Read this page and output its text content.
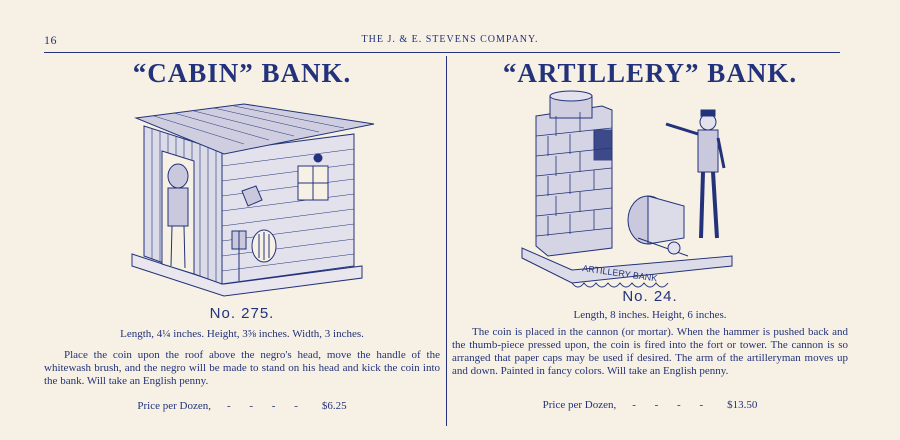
16	THE J. & E. STEVENS COMPANY.
“CABIN” BANK.
No. 275.
Length, 4¼ inches. Height, 3⅝ inches. Width, 3 inches.
Place the coin upon the roof above the negro's head, move the handle of the whitewash brush, and the negro will be made to stand on his head and kick the coin into the bank. Will take an English penny.
Price per Dozen, - - - - $6.25
“ARTILLERY” BANK.
ARTILLERY BANK
No. 24.
Length, 8 inches. Height, 6 inches.
The coin is placed in the cannon (or mortar). When the hammer is pushed back and the thumb-piece pressed upon, the coin is fired into the fort or tower. The cannon is so arranged that paper caps may be used if desired. The arm of the artilleryman moves up and down. Painted in fancy colors. Will take an English penny.
Price per Dozen, - - - - $13.50
